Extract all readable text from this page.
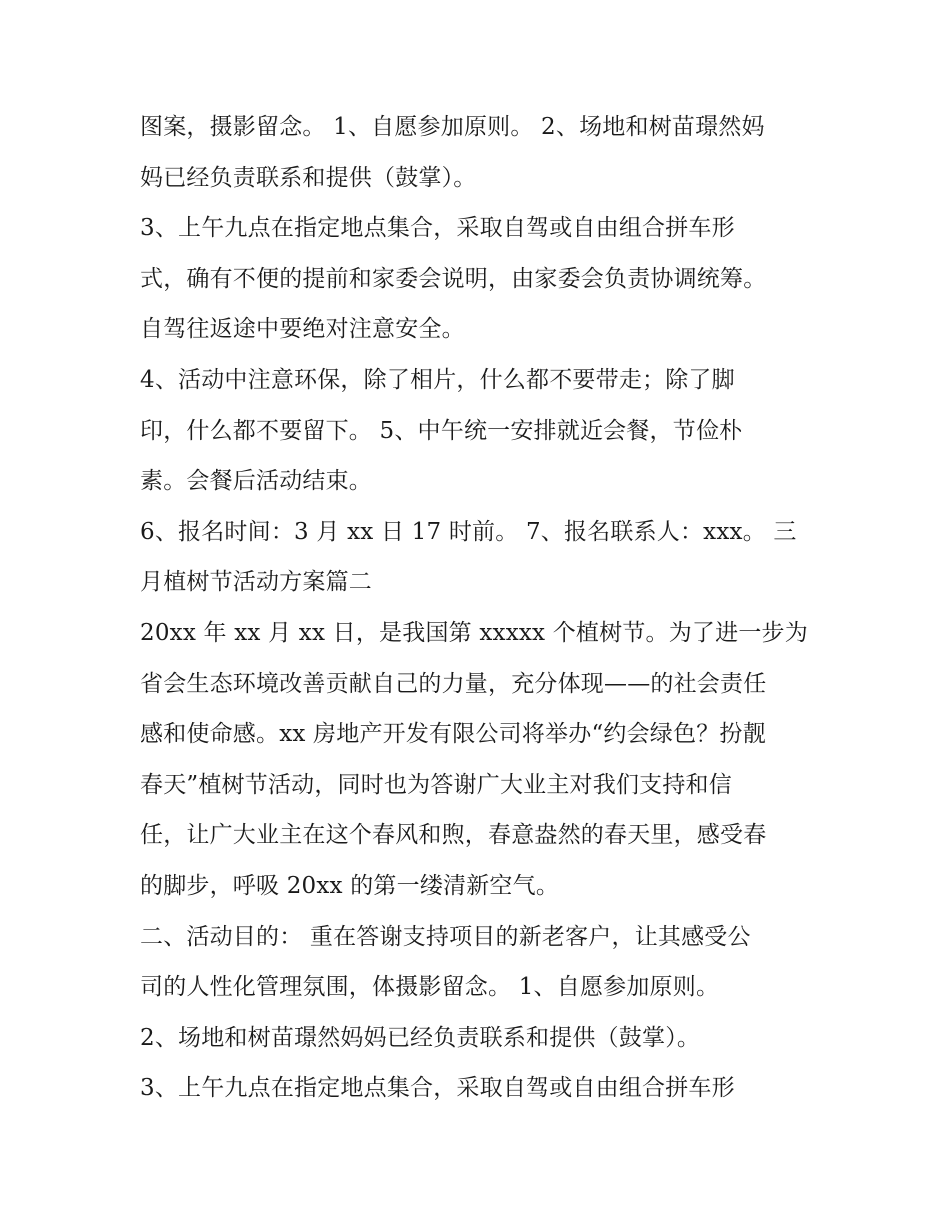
图案，摄影留念。 1、自愿参加原则。 2、场地和树苗璟然妈
妈已经负责联系和提供（鼓掌）。
3、上午九点在指定地点集合，采取自驾或自由组合拼车形
式，确有不便的提前和家委会说明，由家委会负责协调统筹。
自驾往返途中要绝对注意安全。
4、活动中注意环保，除了相片，什么都不要带走；除了脚
印，什么都不要留下。 5、中午统一安排就近会餐，节俭朴
素。会餐后活动结束。
6、报名时间：3 月 xx 日 17 时前。 7、报名联系人：xxx。 三
月植树节活动方案篇二
20xx 年 xx 月 xx 日，是我国第 xxxxx 个植树节。为了进一步为
省会生态环境改善贡献自己的力量，充分体现——的社会责任
感和使命感。xx 房地产开发有限公司将举办“约会绿色？扮靓
春天”植树节活动，同时也为答谢广大业主对我们支持和信
任，让广大业主在这个春风和煦，春意盎然的春天里，感受春
的脚步，呼吸 20xx 的第一缕清新空气。
二、活动目的： 重在答谢支持项目的新老客户，让其感受公
司的人性化管理氛围，体摄影留念。 1、自愿参加原则。
2、场地和树苗璟然妈妈已经负责联系和提供（鼓掌）。
3、上午九点在指定地点集合，采取自驾或自由组合拼车形
